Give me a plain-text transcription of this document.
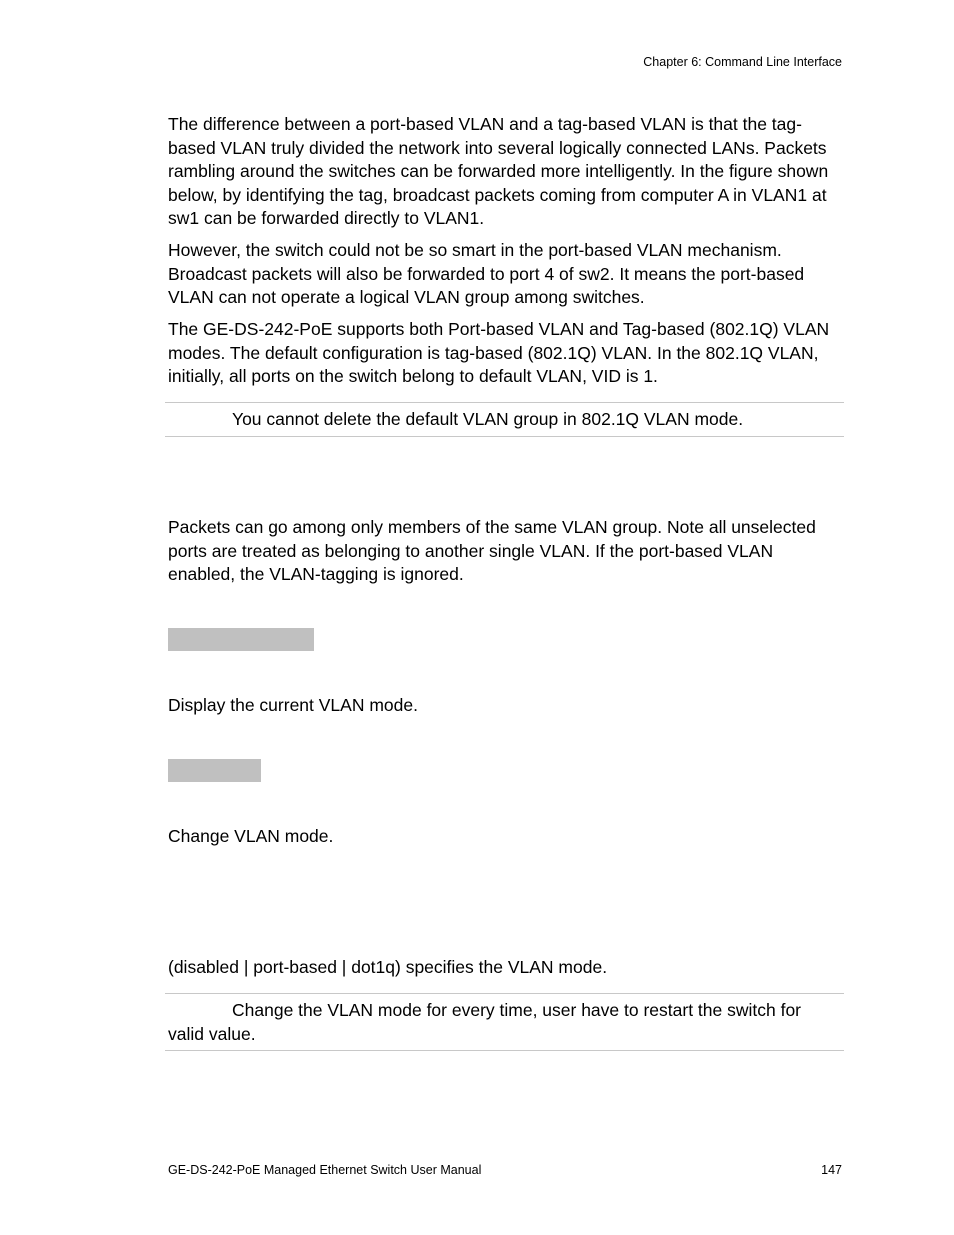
Chapter 6: Command Line Interface

The difference between a port-based VLAN and a tag-based VLAN is that the tag-based VLAN truly divided the network into several logically connected LANs. Packets rambling around the switches can be forwarded more intelligently. In the figure shown below, by identifying the tag, broadcast packets coming from computer A in VLAN1 at sw1 can be forwarded directly to VLAN1.

However, the switch could not be so smart in the port-based VLAN mechanism. Broadcast packets will also be forwarded to port 4 of sw2. It means the port-based VLAN can not operate a logical VLAN group among switches.

The GE-DS-242-PoE supports both Port-based VLAN and Tag-based (802.1Q) VLAN modes. The default configuration is tag-based (802.1Q) VLAN. In the 802.1Q VLAN, initially, all ports on the switch belong to default VLAN, VID is 1.

You cannot delete the default VLAN group in 802.1Q VLAN mode.

Packets can go among only members of the same VLAN group. Note all unselected ports are treated as belonging to another single VLAN. If the port-based VLAN enabled, the VLAN-tagging is ignored.

Display the current VLAN mode.

Change VLAN mode.

(disabled | port-based | dot1q) specifies the VLAN mode.

Change the VLAN mode for every time, user have to restart the switch for valid value.
GE-DS-242-PoE Managed Ethernet Switch User Manual	147
